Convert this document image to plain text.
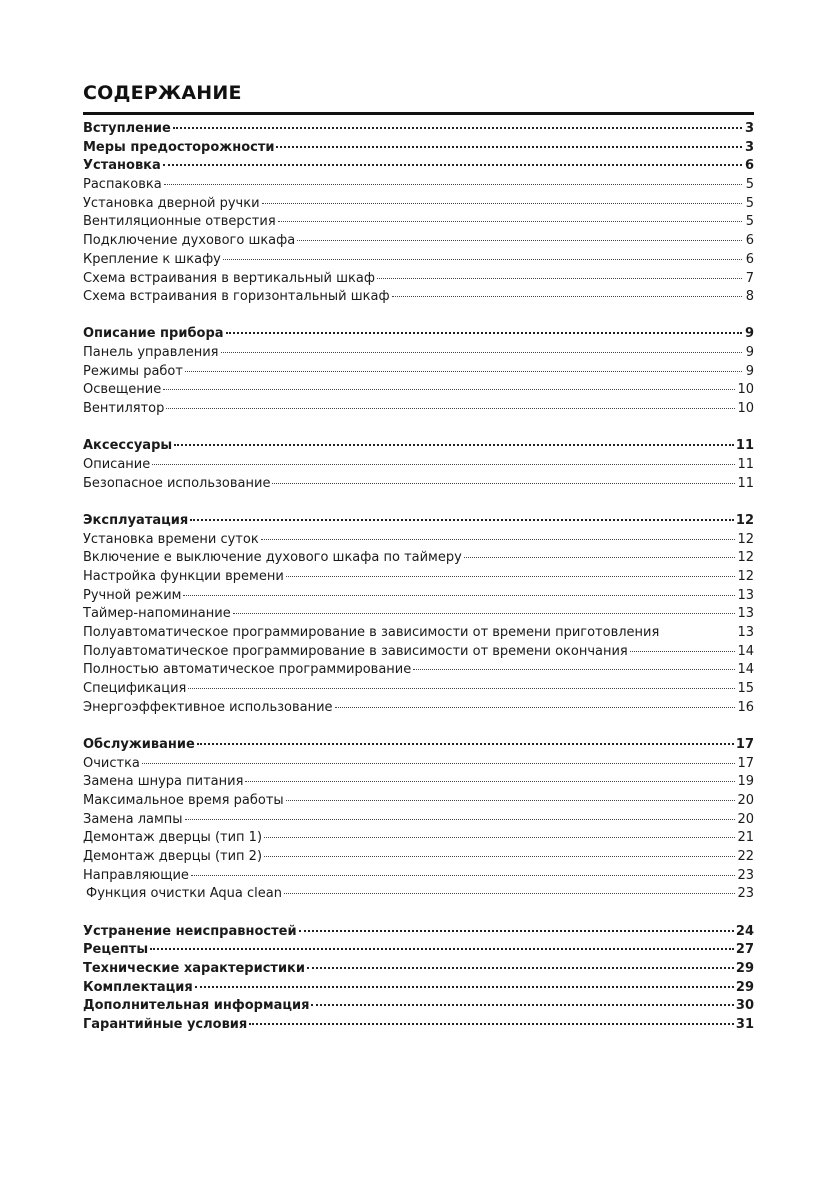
СОДЕРЖАНИЕ
Вступление	3
Меры предосторожности	3
Установка	6
Распаковка	5
Установка дверной ручки	5
Вентиляционные отверстия	5
Подключение духового шкафа	6
Крепление к шкафу	6
Схема встраивания в вертикальный шкаф	7
Схема встраивания в горизонтальный шкаф	8
Описание прибора	9
Панель управления	9
Режимы работ	9
Освещение	10
Вентилятор	10
Аксессуары	11
Описание	11
Безопасное использование	11
Эксплуатация	12
Установка времени суток	12
Включение е выключение духового шкафа по таймеру	12
Настройка функции времени	12
Ручной режим	13
Таймер-напоминание	13
Полуавтоматическое программирование в зависимости от времени приготовления	13
Полуавтоматическое программирование в зависимости от времени окончания	14
Полностью автоматическое программирование	14
Спецификация	15
Энергоэффективное использование	16
Обслуживание	17
Очистка	17
Замена шнура питания	19
Максимальное время работы	20
Замена лампы	20
Демонтаж дверцы (тип 1)	21
Демонтаж дверцы (тип 2)	22
Направляющие	23
Функция очистки Aqua clean	23
Устранение неисправностей	24
Рецепты	27
Технические характеристики	29
Комплектация	29
Дополнительная информация	30
Гарантийные условия	31
